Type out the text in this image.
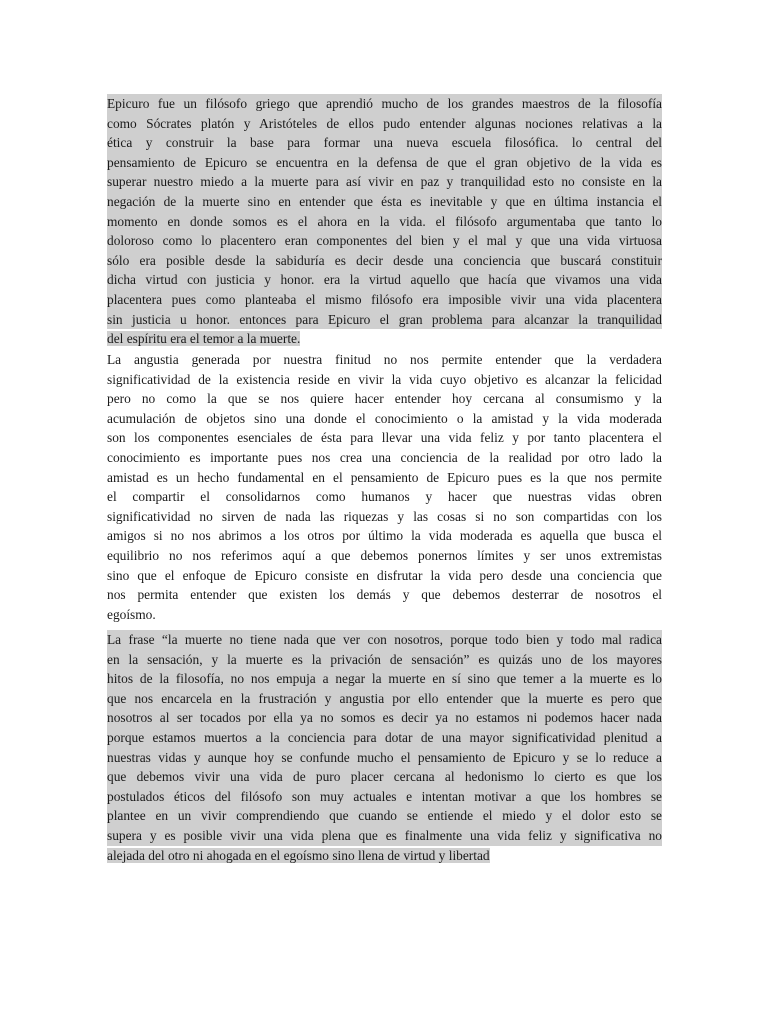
Epicuro fue un filósofo griego que aprendió mucho de los grandes maestros de la filosofía
como Sócrates platón y Aristóteles de ellos pudo entender algunas nociones relativas a la
ética y construir la base para formar una nueva escuela filosófica. lo central del
pensamiento de Epicuro se encuentra en la defensa de que el gran objetivo de la vida es
superar nuestro miedo a la muerte para así vivir en paz y tranquilidad esto no consiste en la
negación de la muerte sino en entender que ésta es inevitable y que en última instancia el
momento en donde somos es el ahora en la vida. el filósofo argumentaba que tanto lo
doloroso como lo placentero eran componentes del bien y el mal y que una vida virtuosa
sólo era posible desde la sabiduría es decir desde una conciencia que buscará constituir
dicha virtud con justicia y honor. era la virtud aquello que hacía que vivamos una vida
placentera pues como planteaba el mismo filósofo era imposible vivir una vida placentera
sin justicia u honor. entonces para Epicuro el gran problema para alcanzar la tranquilidad
del espíritu era el temor a la muerte.
La angustia generada por nuestra finitud no nos permite entender que la verdadera
significatividad de la existencia reside en vivir la vida cuyo objetivo es alcanzar la felicidad
pero no como la que se nos quiere hacer entender hoy cercana al consumismo y la
acumulación de objetos sino una donde el conocimiento o la amistad y la vida moderada
son los componentes esenciales de ésta para llevar una vida feliz y por tanto placentera el
conocimiento es importante pues nos crea una conciencia de la realidad por otro lado la
amistad es un hecho fundamental en el pensamiento de Epicuro pues es la que nos permite
el compartir el consolidarnos como humanos y hacer que nuestras vidas obren
significatividad no sirven de nada las riquezas y las cosas si no son compartidas con los
amigos si no nos abrimos a los otros por último la vida moderada es aquella que busca el
equilibrio no nos referimos aquí a que debemos ponernos límites y ser unos extremistas
sino que el enfoque de Epicuro consiste en disfrutar la vida pero desde una conciencia que
nos permita entender que existen los demás y que debemos desterrar de nosotros el
egoísmo.
La frase “la muerte no tiene nada que ver con nosotros, porque todo bien y todo mal radica
en la sensación, y la muerte es la privación de sensación” es quizás uno de los mayores
hitos de la filosofía, no nos empuja a negar la muerte en sí sino que temer a la muerte es lo
que nos encarcela en la frustración y angustia por ello entender que la muerte es pero que
nosotros al ser tocados por ella ya no somos es decir ya no estamos ni podemos hacer nada
porque estamos muertos a la conciencia para dotar de una mayor significatividad plenitud a
nuestras vidas y aunque hoy se confunde mucho el pensamiento de Epicuro y se lo reduce a
que debemos vivir una vida de puro placer cercana al hedonismo lo cierto es que los
postulados éticos del filósofo son muy actuales e intentan motivar a que los hombres se
plantee en un vivir comprendiendo que cuando se entiende el miedo y el dolor esto se
supera y es posible vivir una vida plena que es finalmente una vida feliz y significativa no
alejada del otro ni ahogada en el egoísmo sino llena de virtud y libertad
